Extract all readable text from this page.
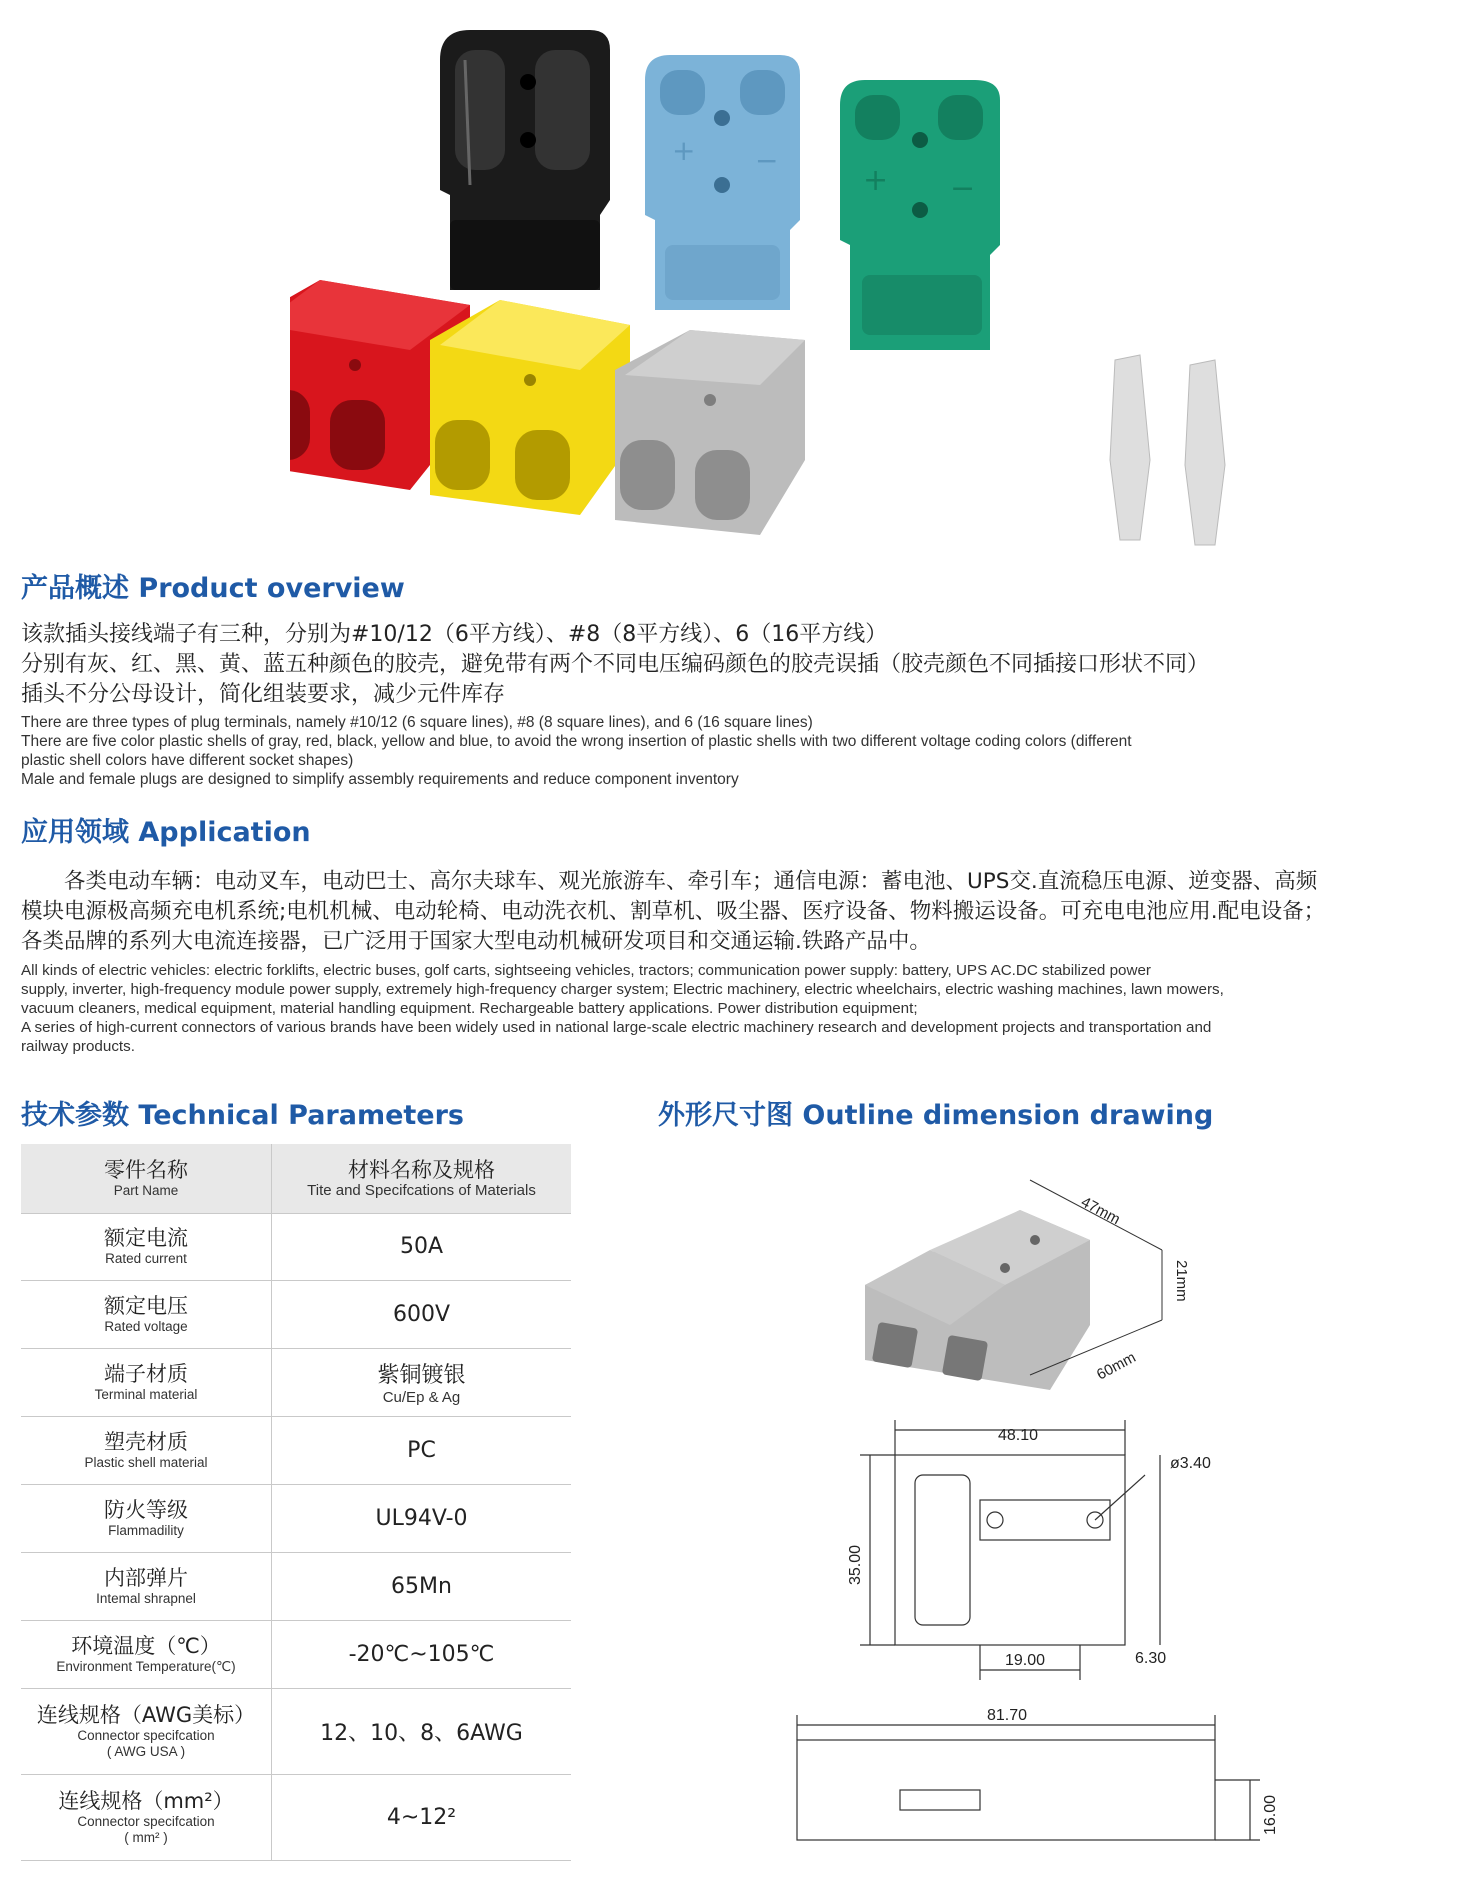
+ −
+ −
产品概述 Product overview
该款插头接线端子有三种，分别为#10/12（6平方线）、#8（8平方线）、6（16平方线）
分别有灰、红、黑、黄、蓝五种颜色的胶壳，避免带有两个不同电压编码颜色的胶壳误插（胶壳颜色不同插接口形状不同）
插头不分公母设计，简化组装要求，减少元件库存
There are three types of plug terminals, namely #10/12 (6 square lines), #8 (8 square lines), and 6 (16 square lines)
There are five color plastic shells of gray, red, black, yellow and blue, to avoid the wrong insertion of plastic shells with two different voltage coding colors (different
plastic shell colors have different socket shapes)
Male and female plugs are designed to simplify assembly requirements and reduce component inventory
应用领域 Application
　　各类电动车辆：电动叉车，电动巴士、高尔夫球车、观光旅游车、牵引车；通信电源：蓄电池、UPS交.直流稳压电源、逆变器、高频
模块电源极高频充电机系统;电机机械、电动轮椅、电动洗衣机、割草机、吸尘器、医疗设备、物料搬运设备。可充电电池应用.配电设备；
各类品牌的系列大电流连接器，已广泛用于国家大型电动机械研发项目和交通运输.铁路产品中。
All kinds of electric vehicles: electric forklifts, electric buses, golf carts, sightseeing vehicles, tractors; communication power supply: battery, UPS AC.DC stabilized power
supply, inverter, high-frequency module power supply, extremely high-frequency charger system; Electric machinery, electric wheelchairs, electric washing machines, lawn mowers,
vacuum cleaners, medical equipment, material handling equipment. Rechargeable battery applications. Power distribution equipment;
A series of high-current connectors of various brands have been widely used in national large-scale electric machinery research and development projects and transportation and
railway products.
技术参数 Technical Parameters
零件名称
Part Name	材料名称及规格
Tite and Specifcations of Materials

额定电流
Rated current	50A

额定电压
Rated voltage	600V

端子材质
Terminal material	紫铜镀银
Cu/Ep & Ag

塑壳材质
Plastic shell material	PC

防火等级
Flammadility	UL94V-0

内部弹片
Intemal shrapnel	65Mn

环境温度（℃）
Environment Temperature(℃)	-20℃~105℃

连线规格（AWG美标）
Connector specifcation
( AWG USA )	12、10、8、6AWG

连线规格（mm²）
Connector specifcation
( mm² )	4~12²
外形尺寸图 Outline dimension drawing
47mm
21mm
60mm
48.10
35.00
ø3.40
19.00	6.30
81.70
16.00
